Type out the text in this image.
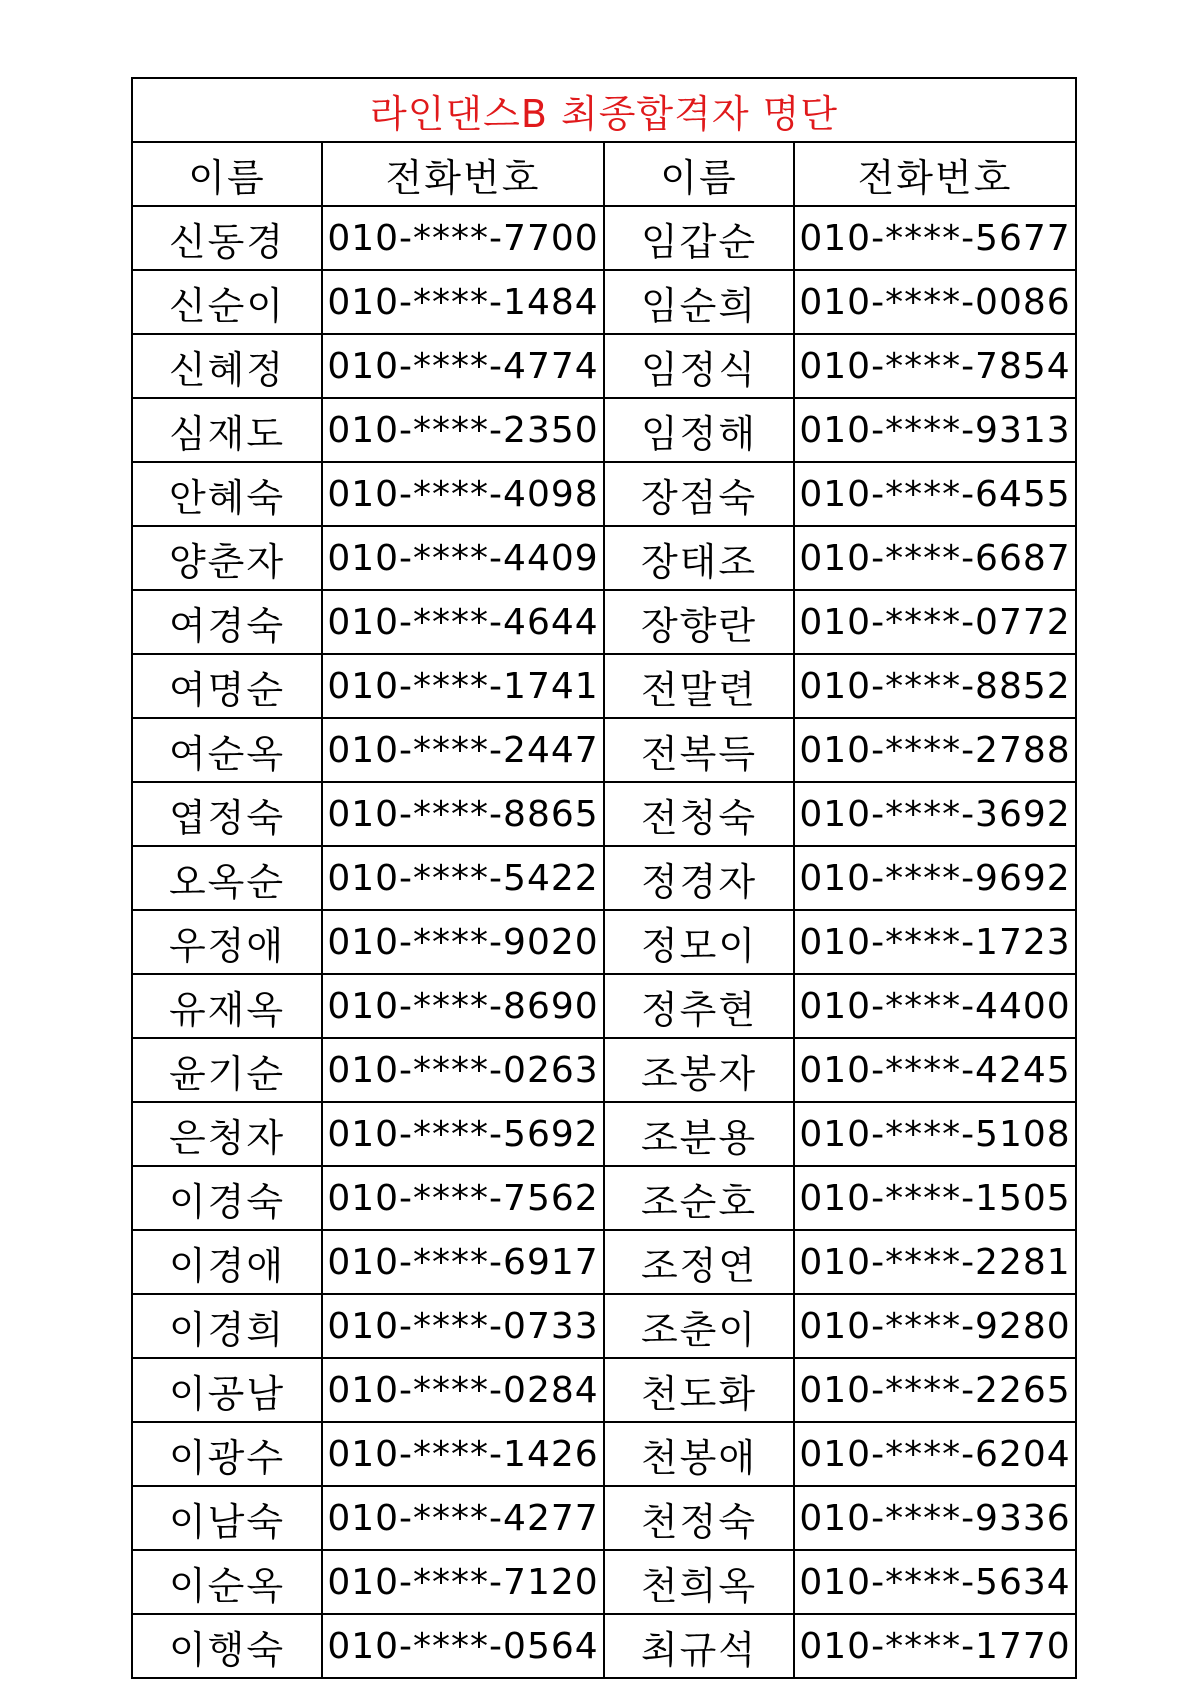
라인댄스B 최종합격자 명단			
이름	전화번호	이름	전화번호
신동경	010-****-7700	임갑순	010-****-5677
신순이	010-****-1484	임순희	010-****-0086
신혜정	010-****-4774	임정식	010-****-7854
심재도	010-****-2350	임정해	010-****-9313
안혜숙	010-****-4098	장점숙	010-****-6455
양춘자	010-****-4409	장태조	010-****-6687
여경숙	010-****-4644	장향란	010-****-0772
여명순	010-****-1741	전말련	010-****-8852
여순옥	010-****-2447	전복득	010-****-2788
엽정숙	010-****-8865	전청숙	010-****-3692
오옥순	010-****-5422	정경자	010-****-9692
우정애	010-****-9020	정모이	010-****-1723
유재옥	010-****-8690	정추현	010-****-4400
윤기순	010-****-0263	조봉자	010-****-4245
은청자	010-****-5692	조분용	010-****-5108
이경숙	010-****-7562	조순호	010-****-1505
이경애	010-****-6917	조정연	010-****-2281
이경희	010-****-0733	조춘이	010-****-9280
이공남	010-****-0284	천도화	010-****-2265
이광수	010-****-1426	천봉애	010-****-6204
이남숙	010-****-4277	천정숙	010-****-9336
이순옥	010-****-7120	천희옥	010-****-5634
이행숙	010-****-0564	최규석	010-****-1770
